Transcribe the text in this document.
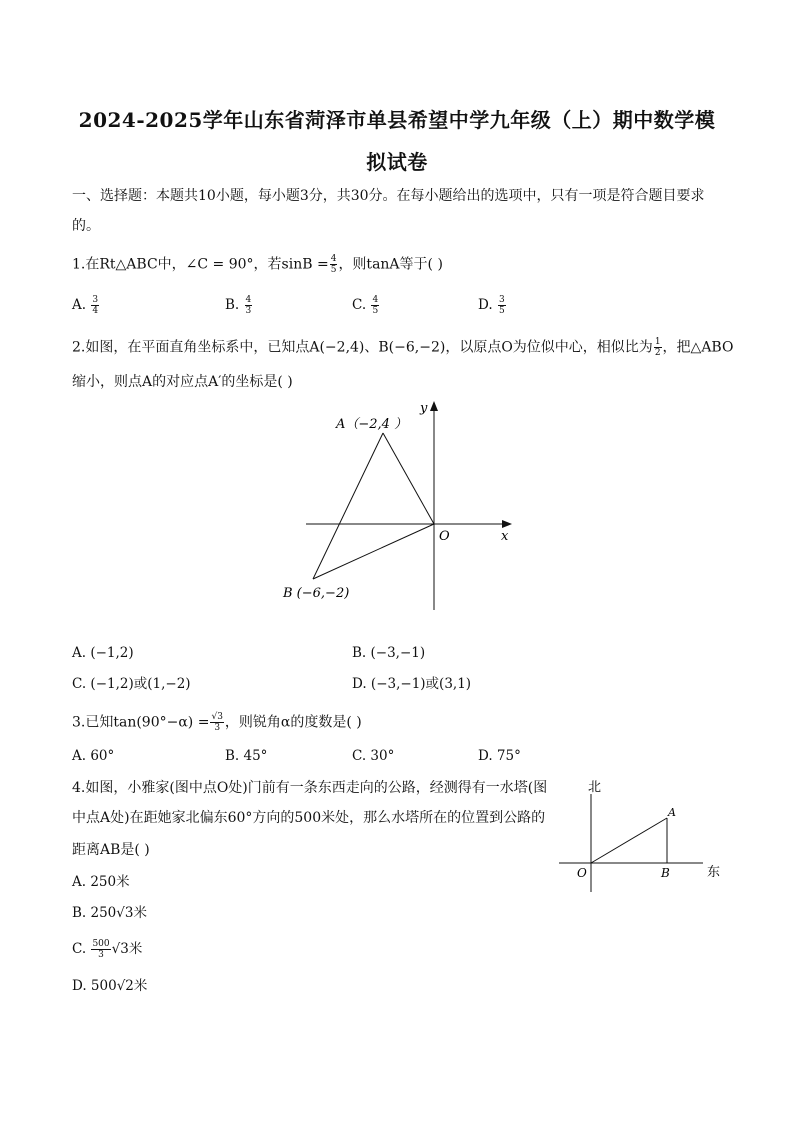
2024-2025学年山东省菏泽市单县希望中学九年级（上）期中数学模
拟试卷
一、选择题：本题共10小题，每小题3分，共30分。在每小题给出的选项中，只有一项是符合题目要求
的。
1.在Rt△ABC中，∠C = 90°，若$\sin B = \frac{4}{5}$ ，则tanA等于( )
A. $\frac{3}{4}$	B. $\frac{4}{3}$	C. $\frac{4}{5}$	D. $\frac{3}{5}$
2.如图，在平面直角坐标系中，已知点A(−2,4)、B(−6,−2)，以原点O为位似中心，相似比为 $\frac{1}{2}$ ，把△ABO
缩小，则点A的对应点A′的坐标是( )
A（−2,4 ）
B (−6,−2)
O	x
y
A. (−1,2)	B. (−3,−1)
C. (−1,2)或(1,−2)	D. (−3,−1)或(3,1)
3.已知$\tan(90^\circ-\alpha) = \frac{√3}{3}$ ，则锐角α的度数是( )
A. 60°	B. 45°	C. 30°	D. 75°
4.如图，小雅家(图中点O处)门前有一条东西走向的公路，经测得有一水塔(图
中点A处)在距她家北偏东60°方向的500米处，那么水塔所在的位置到公路的
距离AB是( )
北
东
O
A
B
A. 250米
B. 250√3米
C. $\frac{500}{3} √3$米
D. 500√2米
